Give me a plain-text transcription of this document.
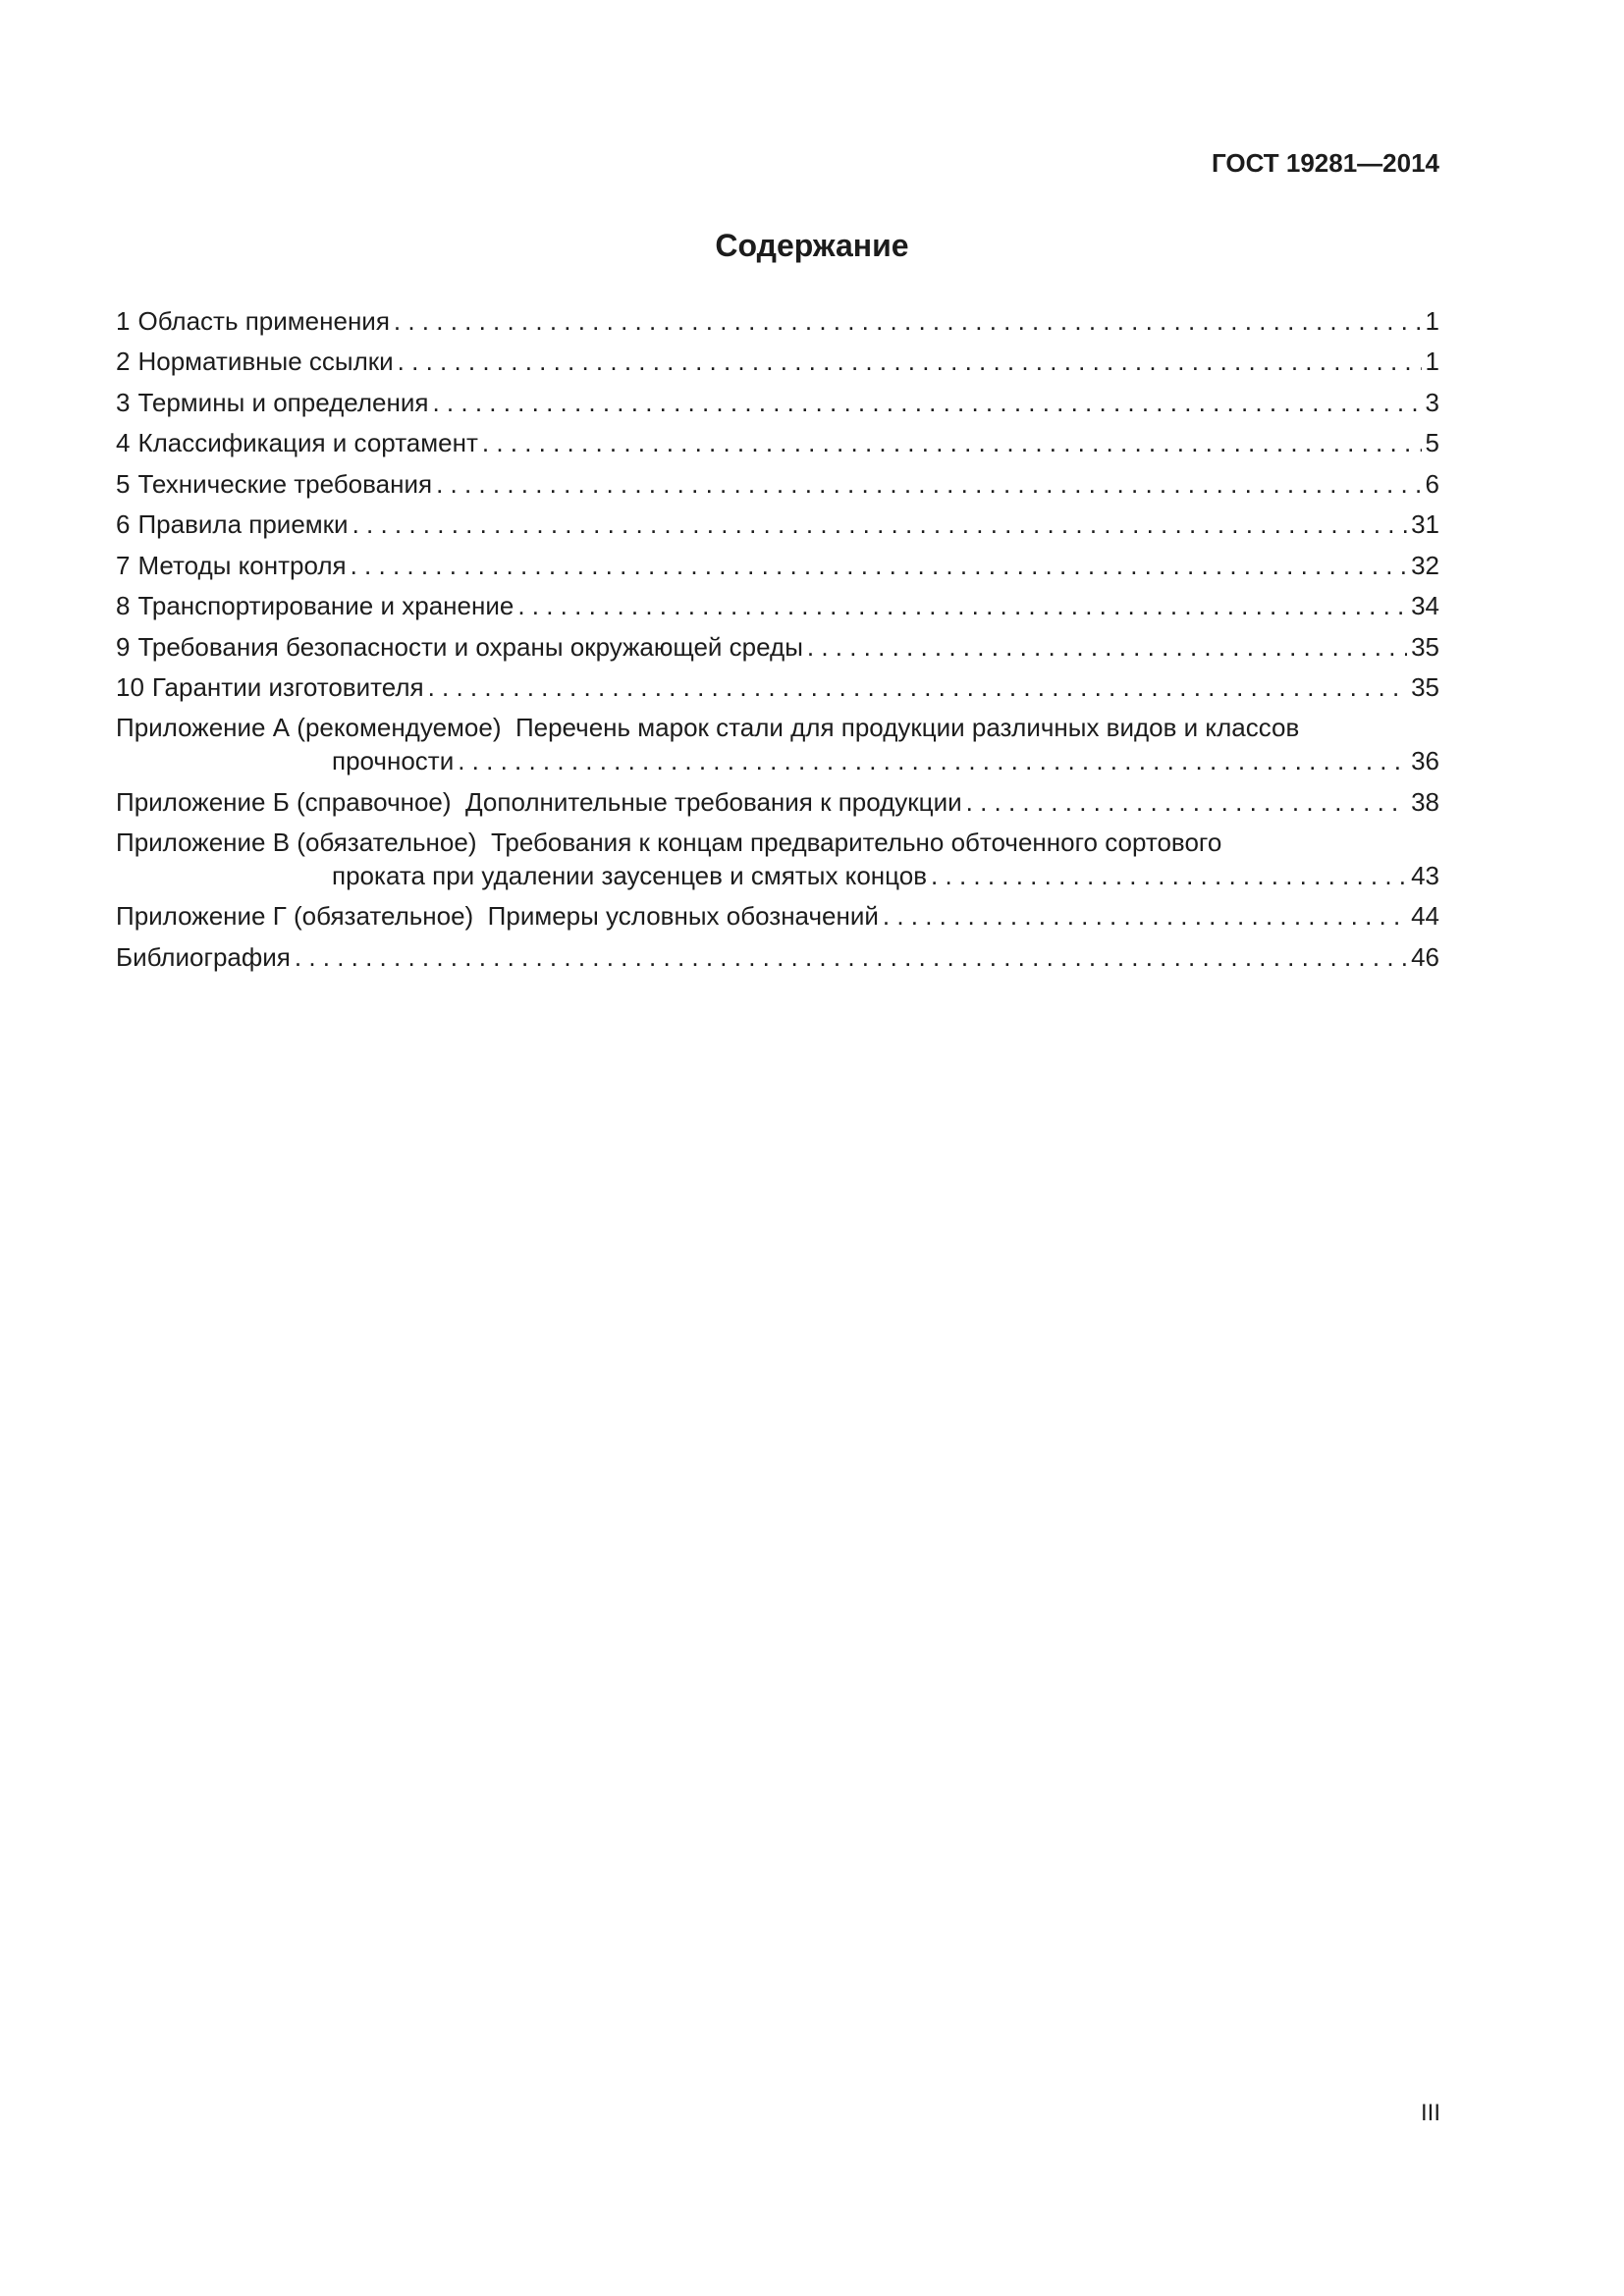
ГОСТ 19281—2014
Содержание
1 Область применения . . .	1
2 Нормативные ссылки . . .	1
3 Термины и определения . . .	3
4 Классификация и сортамент . . .	5
5 Технические требования . . .	6
6 Правила приемки . . .	31
7 Методы контроля . . .	32
8 Транспортирование и хранение . . .	34
9 Требования безопасности и охраны окружающей среды . . .	35
10 Гарантии изготовителя . . .	35
Приложение А (рекомендуемое) Перечень марок стали для продукции различных видов и классов
прочности . . .	36
Приложение Б (справочное) Дополнительные требования к продукции . . .	38
Приложение В (обязательное) Требования к концам предварительно обточенного сортового
проката при удалении заусенцев и смятых концов . . .	43
Приложение Г (обязательное) Примеры условных обозначений . . .	44
Библиография . . .	46
III
